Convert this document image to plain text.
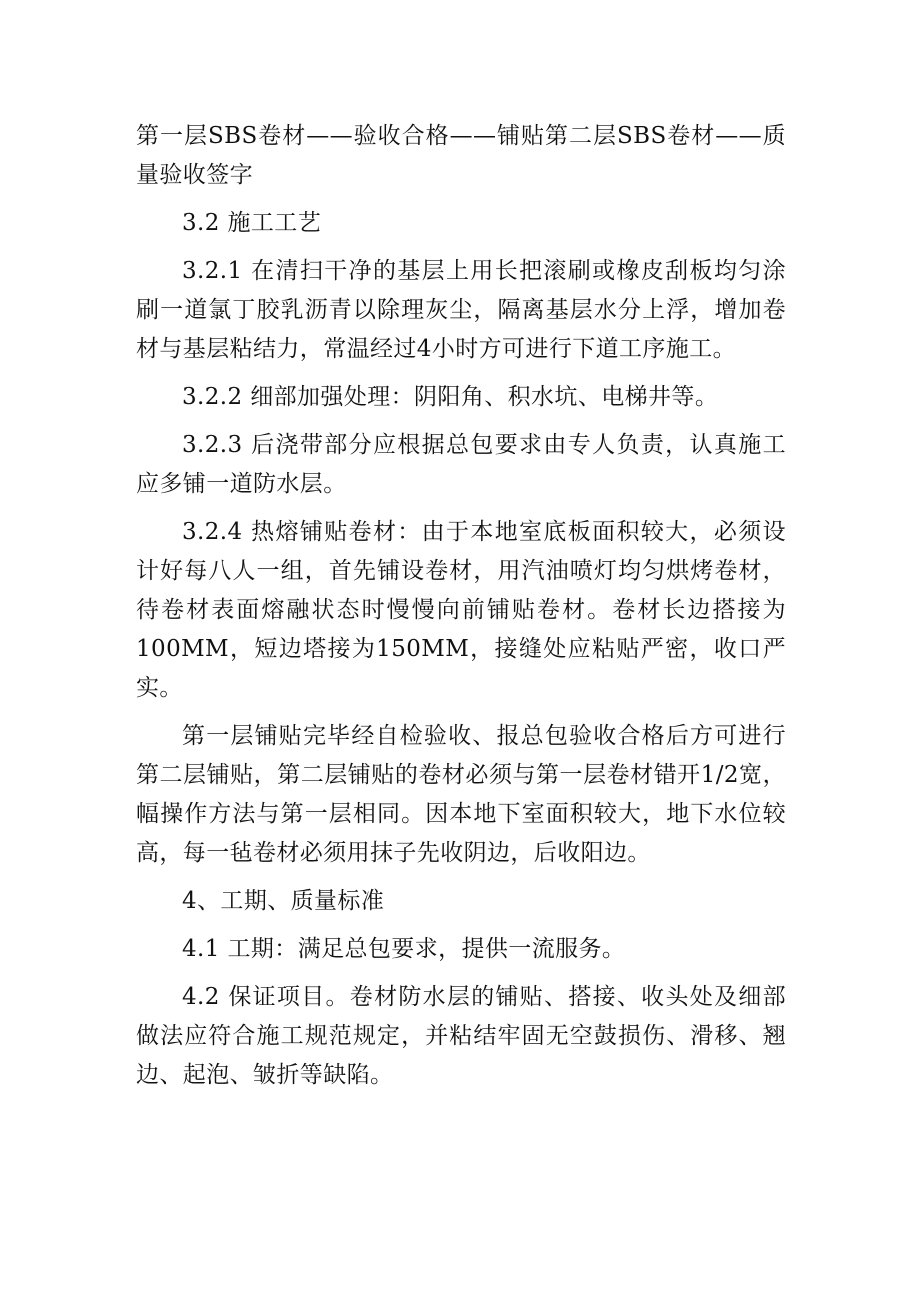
第一层SBS卷材——验收合格——铺贴第二层SBS卷材——质量验收签字

3.2 施工工艺

3.2.1 在清扫干净的基层上用长把滚刷或橡皮刮板均匀涂刷一道氯丁胶乳沥青以除理灰尘，隔离基层水分上浮，增加卷材与基层粘结力，常温经过4小时方可进行下道工序施工。

3.2.2 细部加强处理：阴阳角、积水坑、电梯井等。

3.2.3 后浇带部分应根据总包要求由专人负责，认真施工应多铺一道防水层。

3.2.4 热熔铺贴卷材：由于本地室底板面积较大，必须设计好每八人一组，首先铺设卷材，用汽油喷灯均匀烘烤卷材，待卷材表面熔融状态时慢慢向前铺贴卷材。卷材长边搭接为100MM，短边塔接为150MM，接缝处应粘贴严密，收口严实。

第一层铺贴完毕经自检验收、报总包验收合格后方可进行第二层铺贴，第二层铺贴的卷材必须与第一层卷材错开1/2宽，幅操作方法与第一层相同。因本地下室面积较大，地下水位较高，每一毡卷材必须用抹子先收阴边，后收阳边。

4、工期、质量标准

4.1 工期：满足总包要求，提供一流服务。

4.2 保证项目。卷材防水层的铺贴、搭接、收头处及细部做法应符合施工规范规定，并粘结牢固无空鼓损伤、滑移、翘边、起泡、皱折等缺陷。
